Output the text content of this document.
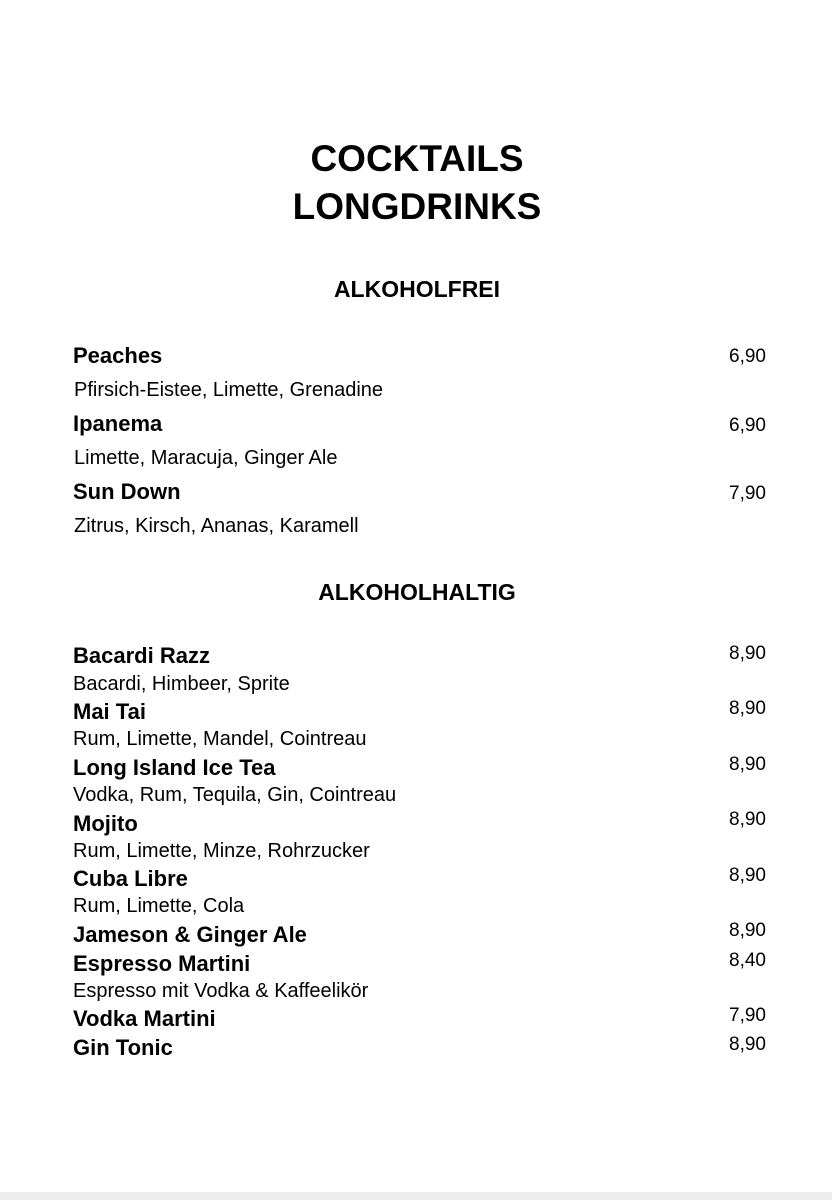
COCKTAILS
LONGDRINKS
ALKOHOLFREI
Peaches	6,90
Pfirsich-Eistee, Limette, Grenadine
Ipanema	6,90
Limette, Maracuja, Ginger Ale
Sun Down	7,90
Zitrus, Kirsch, Ananas, Karamell
ALKOHOLHALTIG
Bacardi Razz	8,90
Bacardi, Himbeer, Sprite
Mai Tai	8,90
Rum, Limette, Mandel, Cointreau
Long Island Ice Tea	8,90
Vodka, Rum, Tequila, Gin, Cointreau
Mojito	8,90
Rum, Limette, Minze, Rohrzucker
Cuba Libre	8,90
Rum, Limette, Cola
Jameson & Ginger Ale	8,90
Espresso Martini	8,40
Espresso mit Vodka & Kaffeelikör
Vodka Martini	7,90
Gin Tonic	8,90
